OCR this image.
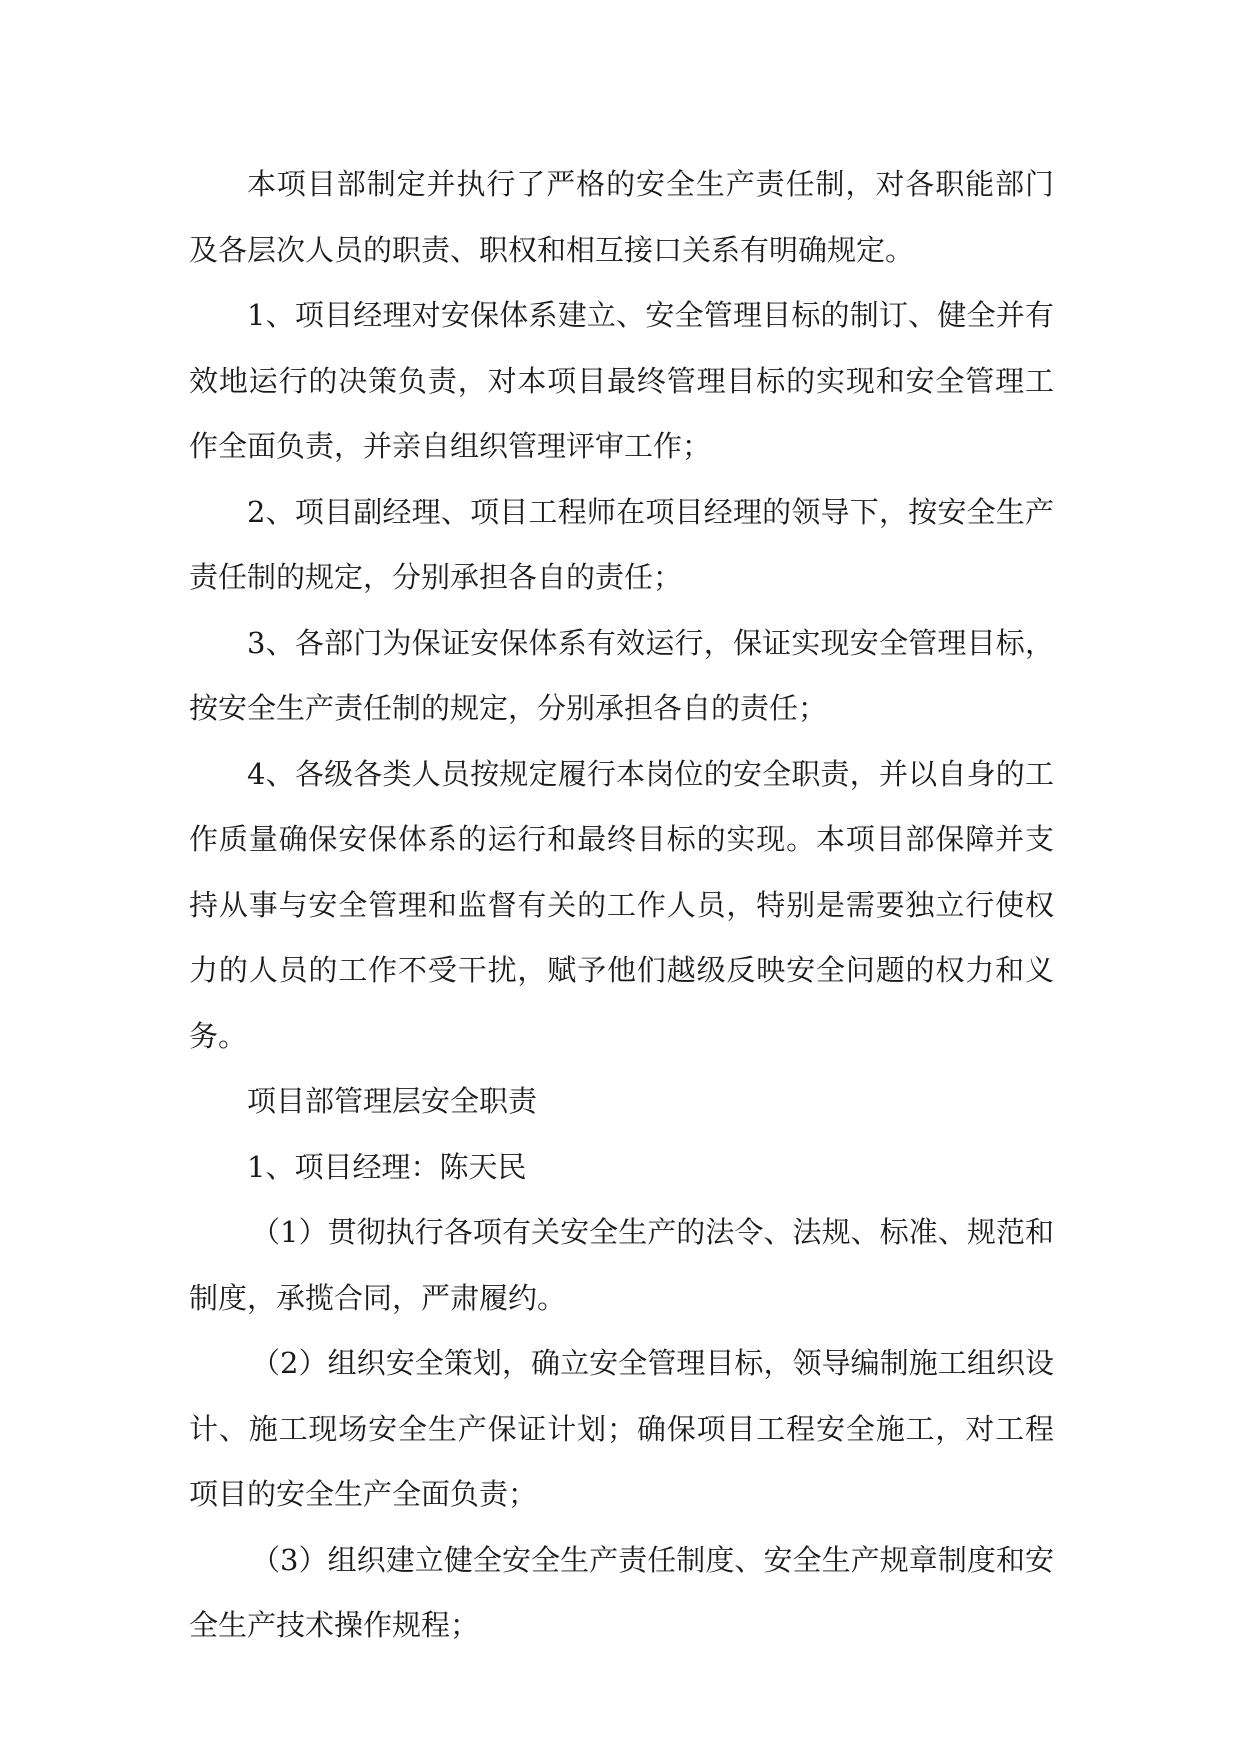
本项目部制定并执行了严格的安全生产责任制，对各职能部门及各层次人员的职责、职权和相互接口关系有明确规定。

1、项目经理对安保体系建立、安全管理目标的制订、健全并有效地运行的决策负责，对本项目最终管理目标的实现和安全管理工作全面负责，并亲自组织管理评审工作；

2、项目副经理、项目工程师在项目经理的领导下，按安全生产责任制的规定，分别承担各自的责任；

3、各部门为保证安保体系有效运行，保证实现安全管理目标，按安全生产责任制的规定，分别承担各自的责任；

4、各级各类人员按规定履行本岗位的安全职责，并以自身的工作质量确保安保体系的运行和最终目标的实现。本项目部保障并支持从事与安全管理和监督有关的工作人员，特别是需要独立行使权力的人员的工作不受干扰，赋予他们越级反映安全问题的权力和义务。

项目部管理层安全职责

1、项目经理：陈天民

（1）贯彻执行各项有关安全生产的法令、法规、标准、规范和制度，承揽合同，严肃履约。

（2）组织安全策划，确立安全管理目标，领导编制施工组织设计、施工现场安全生产保证计划；确保项目工程安全施工，对工程项目的安全生产全面负责；

（3）组织建立健全安全生产责任制度、安全生产规章制度和安全生产技术操作规程；
